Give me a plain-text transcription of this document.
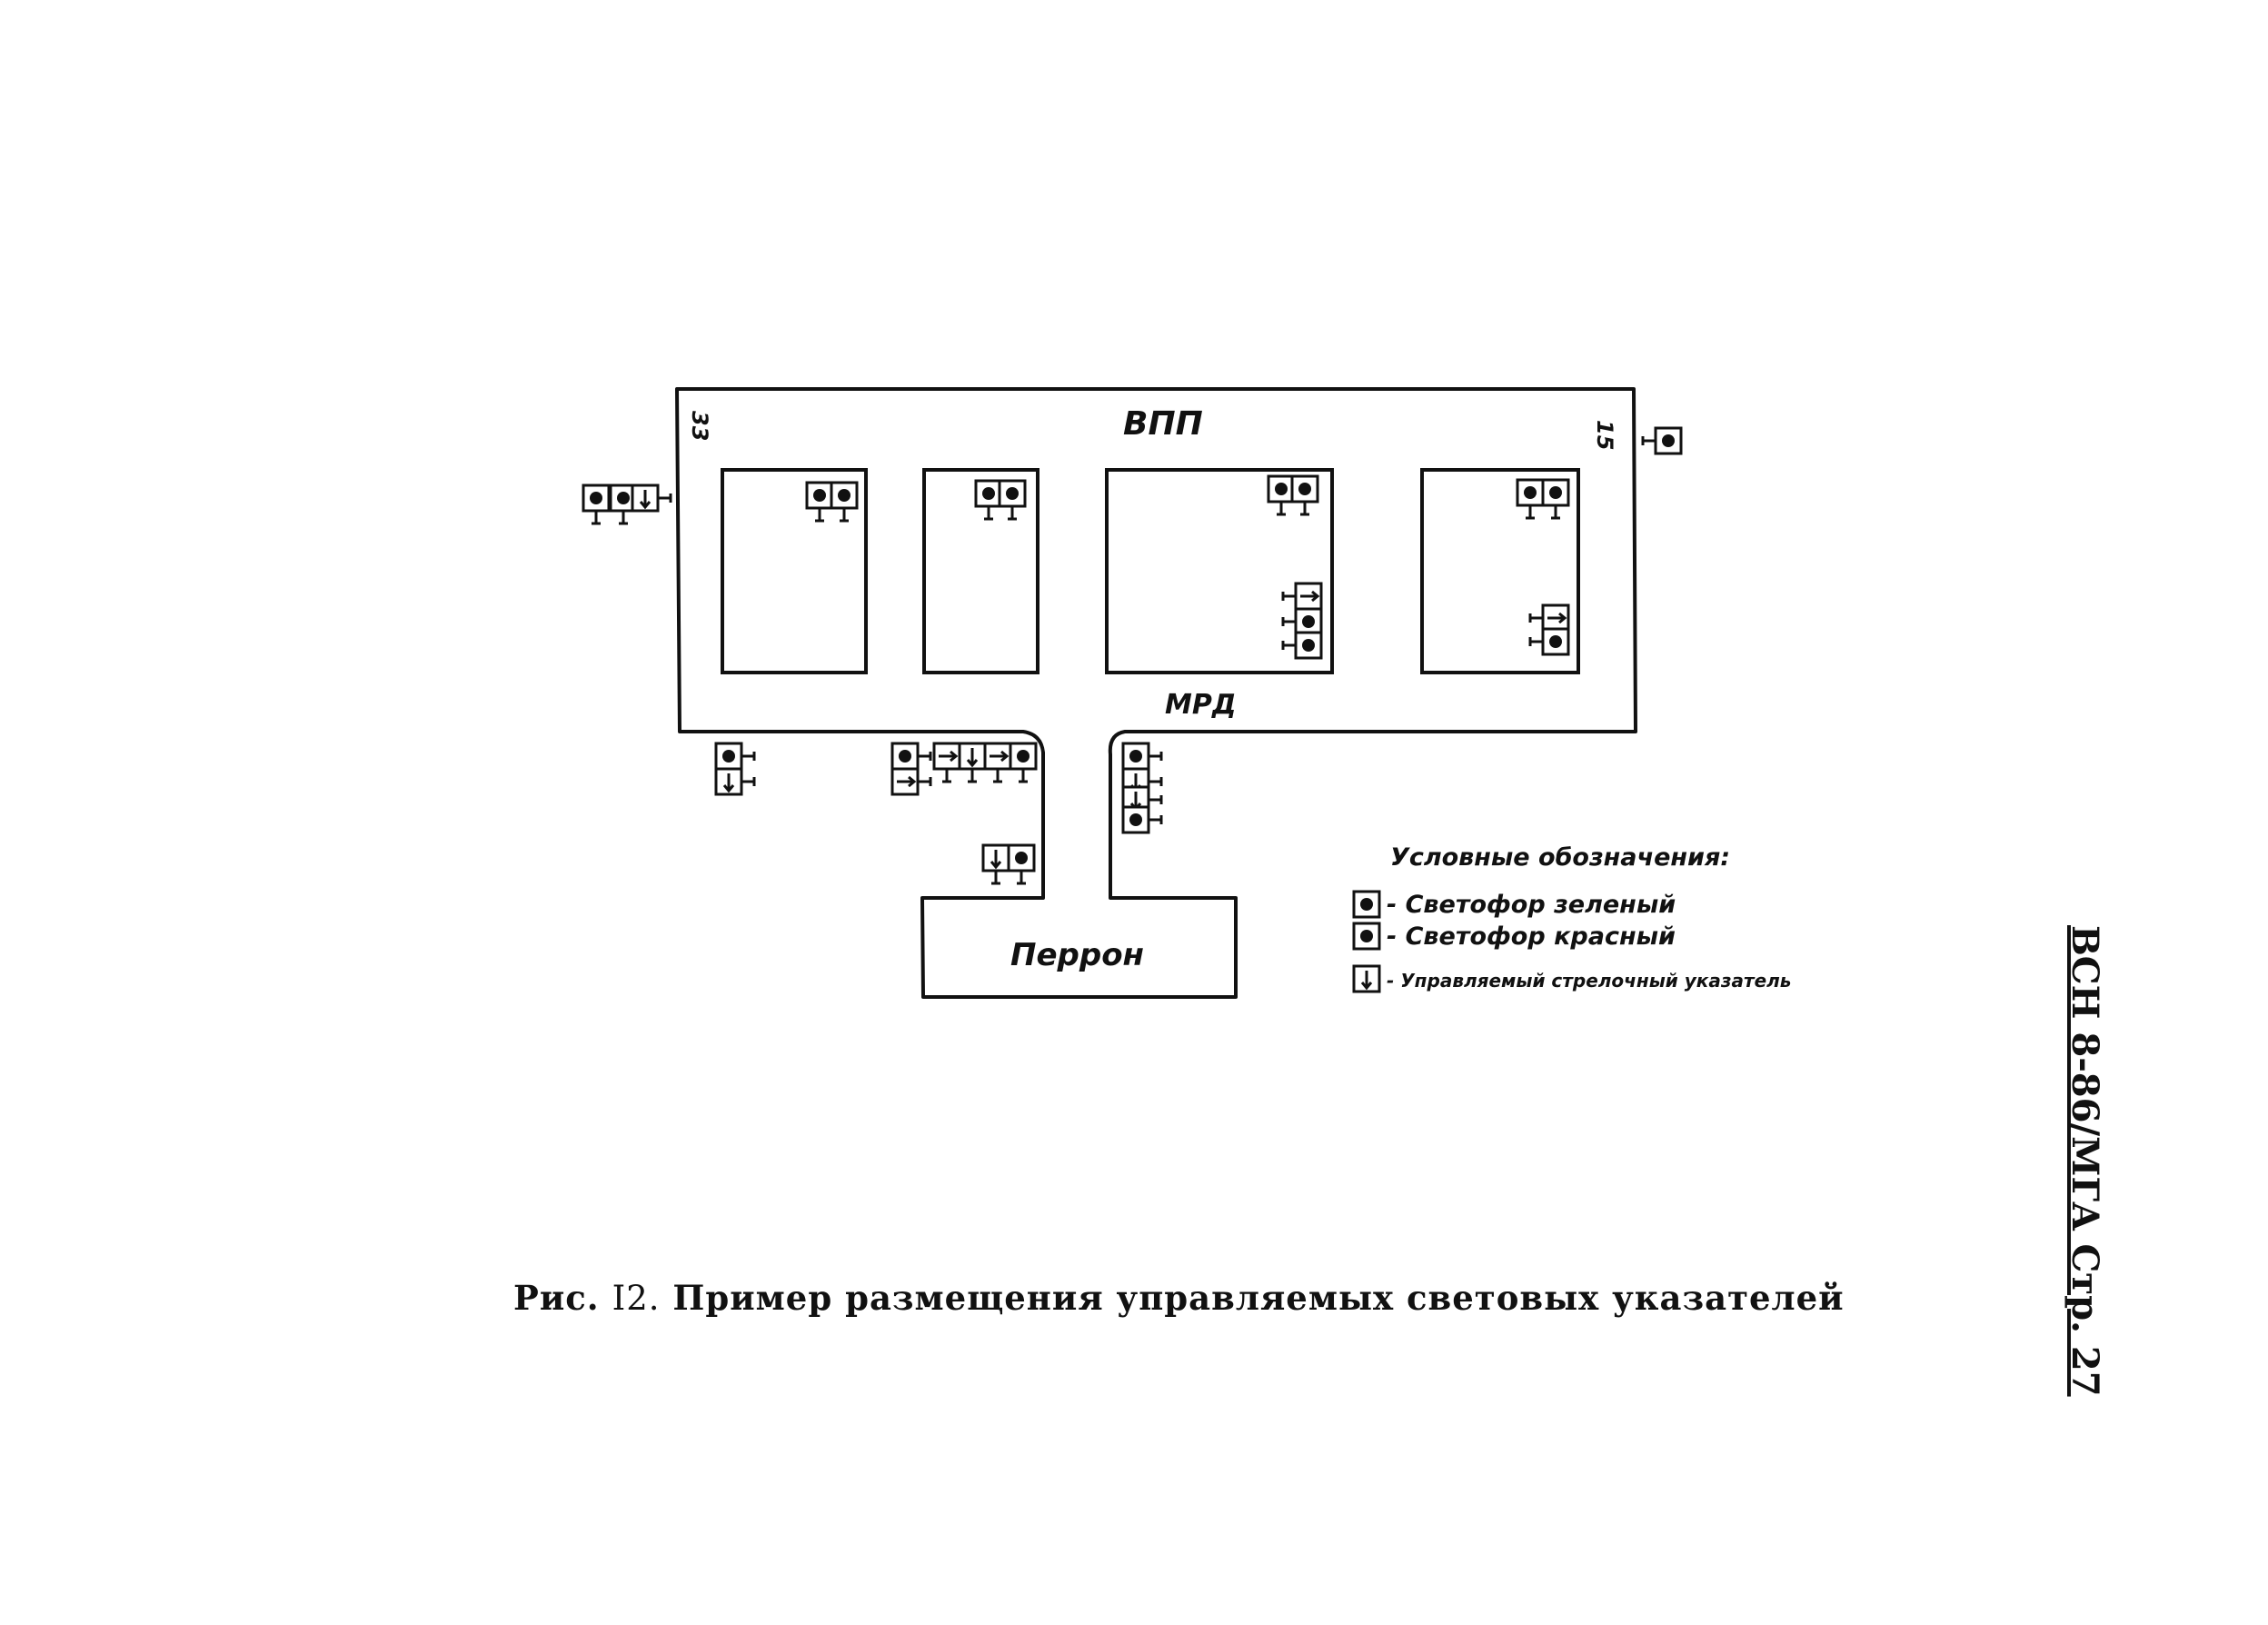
ВПП
МРД
Перрон
33	15
Условные обозначения:
- Светофор зеленый
- Светофор красный
- Управляемый стрелочный указатель
Рис. I2. Пример размещения управляемых световых указателей	ВСН 8-86/МГА Стр. 27
